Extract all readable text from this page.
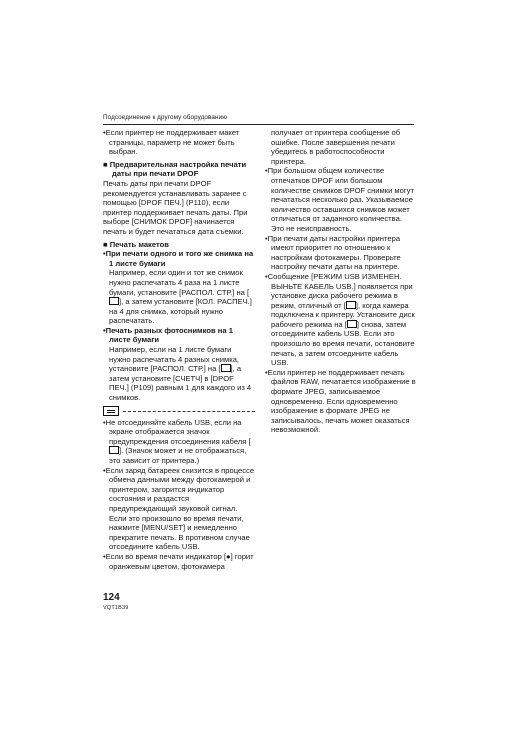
Подсоединение к другому оборудованию

•Если принтер не поддерживает макет страницы, параметр не может быть выбран.

■ Предварительная настройка печати даты при печати DPOF

Печать даты при печати DPOF рекомендуется устанавливать заранее с помощью [DPOF ПЕЧ.] (P110), если принтер поддерживает печать даты. При выборе [СНИМОК DPOF] начинается печать и будет печататься дата съемки.

■ Печать макетов

•При печати одного и того же снимка на 1 листе бумаги

Например, если один и тот же снимок нужно распечатать 4 раза на 1 листе бумаги, установите [РАСПОЛ. СТР.] на [], а затем установите [КОЛ. РАСПЕЧ.] на 4 для снимка, который нужно распечатать.

•Печать разных фотоснимков на 1 листе бумаги

Например, если на 1 листе бумаги нужно распечатать 4 разных снимка, установите [РАСПОЛ. СТР.] на [ ], а затем установите [СЧЕТЧ] в [DPOF ПЕЧ.] (P109) равным 1 для каждого из 4 снимков.

•Не отсоединяйте кабель USB, если на экране отображается значок предупреждения отсоединения кабеля []. (Значок может и не отображаться, это зависит от принтера.)

•Если заряд батареек снизится в процессе обмена данными между фотокамерой и принтером, загорится индикатор состояния и раздастся предупреждающий звуковой сигнал. Если это произошло во время печати, нажмите [MENU/SET] и немедленно прекратите печать. В противном случае отсоедините кабель USB.

•Если во время печати индикатор [●] горит оранжевым цветом, фотокамера

получает от принтера сообщение об ошибке. После завершения печати убедитесь в работоспособности принтера.

•При большом общем количестве отпечатков DPOF или большом количестве снимков DPOF снимки могут печататься несколько раз. Указываемое количество оставшихся снимков может отличаться от заданного количества. Это не неисправность.

•При печати даты настройки принтера имеют приоритет по отношению к настройкам фотокамеры. Проверьте настройку печати даты на принтере.

•Сообщение [РЕЖИМ USB ИЗМЕНЕН. ВЫНЬТЕ КАБЕЛЬ USB.] появляется при установке диска рабочего режима в режим, отличный от [ ], когда камера подключена к принтеру. Установите диск рабочего режима на [ ] снова, затем отсоедините кабель USB. Если это произошло во время печати, остановите печать, а затем отсоедините кабель USB.

•Если принтер не поддерживает печать файлов RAW, печатается изображение в формате JPEG, записываемое одновременно. Если одновременно изображение в формате JPEG не записывалось, печать может оказаться невозможной.

124
VQT1B39
